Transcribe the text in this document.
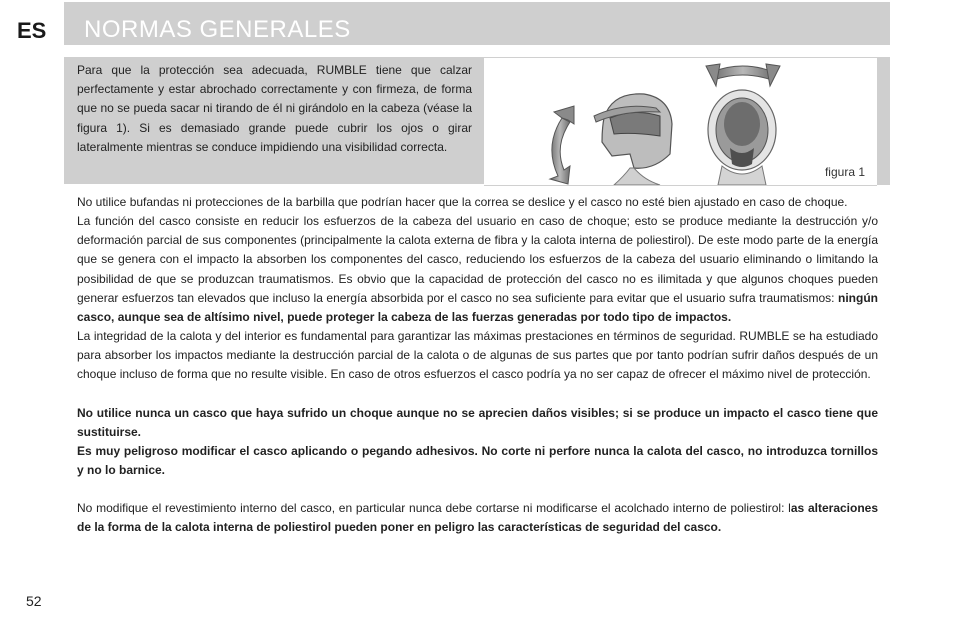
ES NORMAS GENERALES
Para que la protección sea adecuada, RUMBLE tiene que calzar perfectamente y estar abrochado correctamente y con firmeza, de forma que no se pueda sacar ni tirando de él ni girándolo en la cabeza (véase la figura 1). Si es demasiado grande puede cubrir los ojos o girar lateralmente mientras se conduce impidiendo una visibilidad correcta.
figura 1

No utilice bufandas ni protecciones de la barbilla que podrían hacer que la correa se deslice y el casco no esté bien ajustado en caso de choque.

La función del casco consiste en reducir los esfuerzos de la cabeza del usuario en caso de choque; esto se produce mediante la destrucción y/o deformación parcial de sus componentes (principalmente la calota externa de fibra y la calota interna de poliestirol). De este modo parte de la energía que se genera con el impacto la absorben los componentes del casco, reduciendo los esfuerzos de la cabeza del usuario eliminando o limitando la posibilidad de que se produzcan traumatismos. Es obvio que la capacidad de protección del casco no es ilimitada y que algunos choques pueden generar esfuerzos tan elevados que incluso la energía absorbida por el casco no sea suficiente para evitar que el usuario sufra traumatismos: ningún casco, aunque sea de altísimo nivel, puede proteger la cabeza de las fuerzas generadas por todo tipo de impactos.

La integridad de la calota y del interior es fundamental para garantizar las máximas prestaciones en términos de seguridad. RUMBLE se ha estudiado para absorber los impactos mediante la destrucción parcial de la calota o de algunas de sus partes que por tanto podrían sufrir daños después de un choque incluso de forma que no resulte visible. En caso de otros esfuerzos el casco podría ya no ser capaz de ofrecer el máximo nivel de protección.

No utilice nunca un casco que haya sufrido un choque aunque no se aprecien daños visibles; si se produce un impacto el casco tiene que sustituirse.

Es muy peligroso modificar el casco aplicando o pegando adhesivos. No corte ni perfore nunca la calota del casco, no introduzca tornillos y no lo barnice.

No modifique el revestimiento interno del casco, en particular nunca debe cortarse ni modificarse el acolchado interno de poliestirol: las alteraciones de la forma de la calota interna de poliestirol pueden poner en peligro las características de seguridad del casco.

52
